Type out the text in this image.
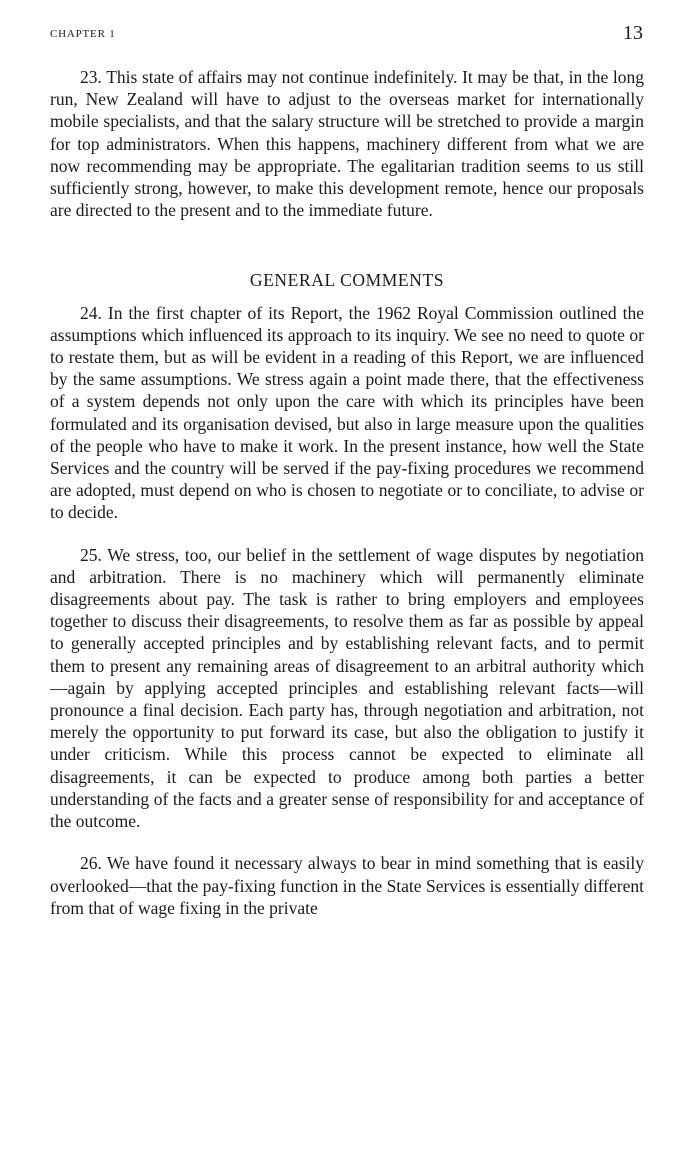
CHAPTER 1	13

23. This state of affairs may not continue indefinitely. It may be that, in the long run, New Zealand will have to adjust to the overseas market for internationally mobile specialists, and that the salary structure will be stretched to provide a margin for top administrators. When this happens, machinery different from what we are now recommending may be appropriate. The egalitarian tradition seems to us still sufficiently strong, however, to make this development remote, hence our proposals are directed to the present and to the immediate future.

GENERAL COMMENTS

24. In the first chapter of its Report, the 1962 Royal Commission outlined the assumptions which influenced its approach to its inquiry. We see no need to quote or to restate them, but as will be evident in a reading of this Report, we are influenced by the same assumptions. We stress again a point made there, that the effectiveness of a system depends not only upon the care with which its principles have been formulated and its organisation devised, but also in large measure upon the qualities of the people who have to make it work. In the present instance, how well the State Services and the country will be served if the pay-fixing procedures we recommend are adopted, must depend on who is chosen to negotiate or to conciliate, to advise or to decide.

25. We stress, too, our belief in the settlement of wage disputes by negotiation and arbitration. There is no machinery which will permanently eliminate disagreements about pay. The task is rather to bring employers and employees together to discuss their disagreements, to resolve them as far as possible by appeal to generally accepted principles and by establishing relevant facts, and to permit them to present any remaining areas of disagreement to an arbitral authority which—again by applying accepted principles and establishing relevant facts—will pronounce a final decision. Each party has, through negotiation and arbitration, not merely the opportunity to put forward its case, but also the obligation to justify it under criticism. While this process cannot be expected to eliminate all disagreements, it can be expected to produce among both parties a better understanding of the facts and a greater sense of responsibility for and acceptance of the outcome.

26. We have found it necessary always to bear in mind something that is easily overlooked—that the pay-fixing function in the State Services is essentially different from that of wage fixing in the private
